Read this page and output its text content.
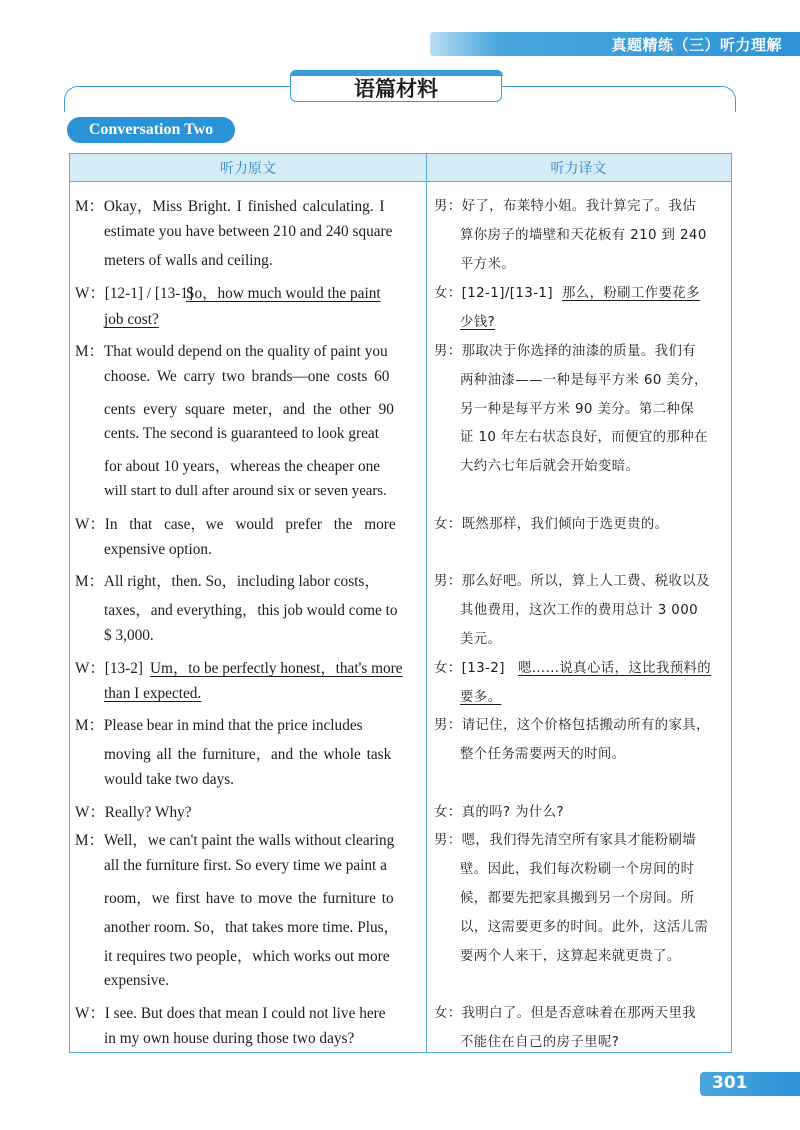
真题精练（三）听力理解
语篇材料
Conversation Two
听力原文	听力译文
M：Okay，Miss Bright. I finished calculating. I
estimate you have between 210 and 240 square
meters of walls and ceiling.
W：[12-1] / [13-1]
So，how much would the paint
job cost?
M：That would depend on the quality of paint you
choose. We carry two brands—one costs 60
cents every square meter，and the other 90
cents. The second is guaranteed to look great
for about 10 years，whereas the cheaper one
will start to dull after around six or seven years.
W：In that case，we would prefer the more
expensive option.
M：All right，then. So，including labor costs，
taxes，and everything，this job would come to
$ 3,000.
W：[13-2] Um，to be perfectly honest，that's more
than I expected.
M：Please bear in mind that the price includes
moving all the furniture，and the whole task
would take two days.
W：Really? Why?
M：Well，we can't paint the walls without clearing
all the furniture first. So every time we paint a
room，we first have to move the furniture to
another room. So，that takes more time. Plus，
it requires two people，which works out more
expensive.
W：I see. But does that mean I could not live here
in my own house during those two days?
男：好了，布莱特小姐。我计算完了。我估
算你房子的墙壁和天花板有 210 到 240
平方米。
女：[12-1]/[13-1] 那么，粉刷工作要花多
少钱?
男：那取决于你选择的油漆的质量。我们有
两种油漆——一种是每平方米 60 美分，
另一种是每平方米 90 美分。第二种保
证 10 年左右状态良好，而便宜的那种在
大约六七年后就会开始变暗。
女：既然那样，我们倾向于选更贵的。
男：那么好吧。所以，算上人工费、税收以及
其他费用，这次工作的费用总计 3 000
美元。
女：[13-2] 嗯……说真心话，这比我预料的
要多。
男：请记住，这个价格包括搬动所有的家具，
整个任务需要两天的时间。
女：真的吗? 为什么?
男：嗯，我们得先清空所有家具才能粉刷墙
壁。因此，我们每次粉刷一个房间的时
候，都要先把家具搬到另一个房间。所
以，这需要更多的时间。此外，这活儿需
要两个人来干，这算起来就更贵了。
女：我明白了。但是否意味着在那两天里我
不能住在自己的房子里呢?
301
